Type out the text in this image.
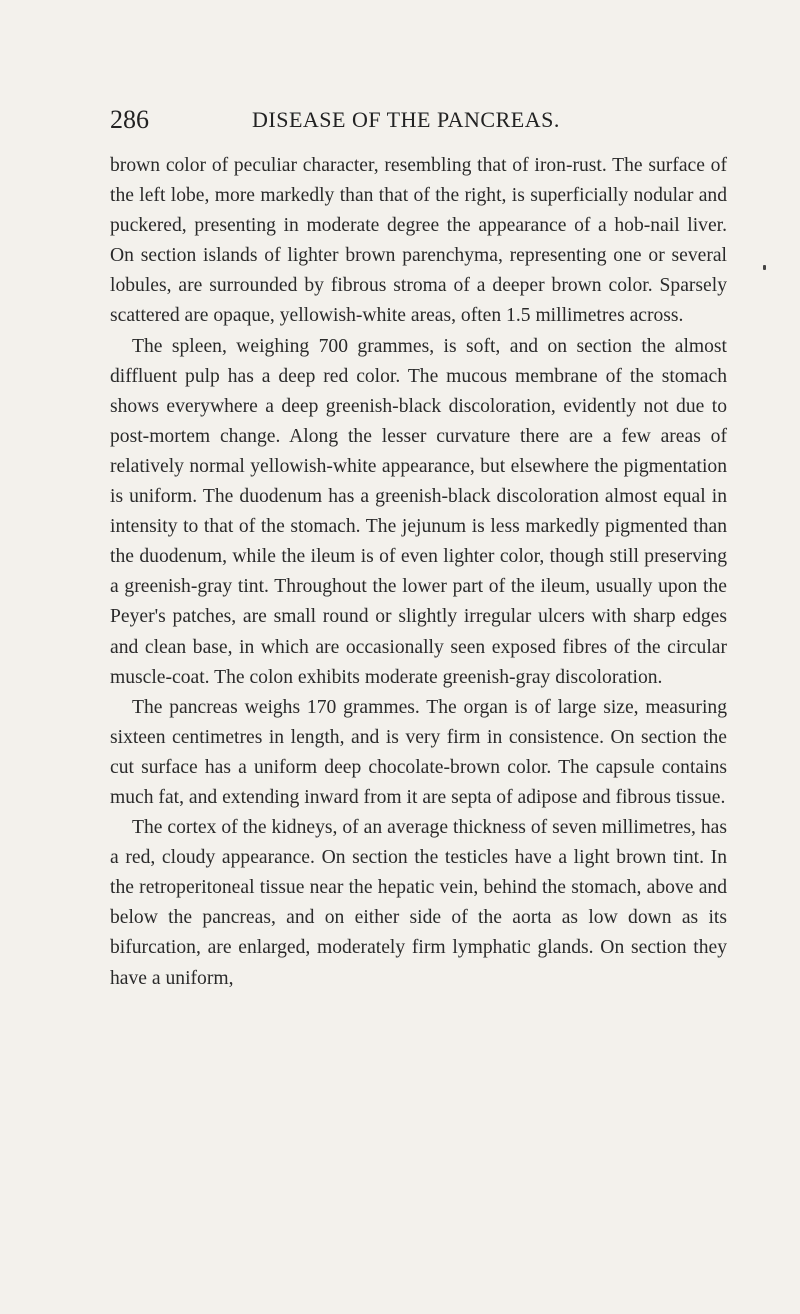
286	DISEASE OF THE PANCREAS.

brown color of peculiar character, resembling that of iron-rust. The surface of the left lobe, more markedly than that of the right, is superficially nodular and puckered, presenting in moderate degree the appearance of a hob-nail liver. On section islands of lighter brown parenchyma, representing one or several lobules, are surrounded by fibrous stroma of a deeper brown color. Sparsely scattered are opaque, yellowish-white areas, often 1.5 millimetres across.

The spleen, weighing 700 grammes, is soft, and on section the almost diffluent pulp has a deep red color. The mucous membrane of the stomach shows everywhere a deep greenish-black discoloration, evidently not due to post-mortem change. Along the lesser curvature there are a few areas of relatively normal yellowish-white appearance, but elsewhere the pigmentation is uniform. The duodenum has a greenish-black discoloration almost equal in intensity to that of the stomach. The jejunum is less markedly pigmented than the duodenum, while the ileum is of even lighter color, though still preserving a greenish-gray tint. Throughout the lower part of the ileum, usually upon the Peyer's patches, are small round or slightly irregular ulcers with sharp edges and clean base, in which are occasionally seen exposed fibres of the circular muscle-coat. The colon exhibits moderate greenish-gray discoloration.

The pancreas weighs 170 grammes. The organ is of large size, measuring sixteen centimetres in length, and is very firm in consistence. On section the cut surface has a uniform deep chocolate-brown color. The capsule contains much fat, and extending inward from it are septa of adipose and fibrous tissue.

The cortex of the kidneys, of an average thickness of seven millimetres, has a red, cloudy appearance. On section the testicles have a light brown tint. In the retroperitoneal tissue near the hepatic vein, behind the stomach, above and below the pancreas, and on either side of the aorta as low down as its bifurcation, are enlarged, moderately firm lymphatic glands. On section they have a uniform,
